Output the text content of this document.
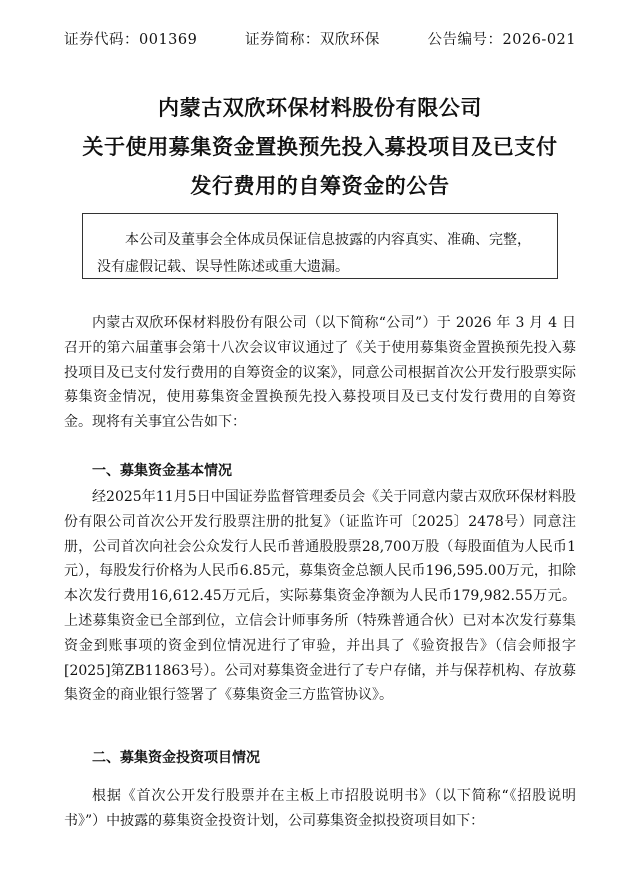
证券代码：001369	证券简称：双欣环保	公告编号：2026-021
内蒙古双欣环保材料股份有限公司
关于使用募集资金置换预先投入募投项目及已支付
发行费用的自筹资金的公告

本公司及董事会全体成员保证信息披露的内容真实、准确、完整，没有虚假记载、误导性陈述或重大遗漏。

内蒙古双欣环保材料股份有限公司（以下简称“公司”）于 2026 年 3 月 4 日召开的第六届董事会第十八次会议审议通过了《关于使用募集资金置换预先投入募投项目及已支付发行费用的自筹资金的议案》，同意公司根据首次公开发行股票实际募集资金情况，使用募集资金置换预先投入募投项目及已支付发行费用的自筹资金。现将有关事宜公告如下：

一、募集资金基本情况

经2025年11月5日中国证券监督管理委员会《关于同意内蒙古双欣环保材料股份有限公司首次公开发行股票注册的批复》（证监许可〔2025〕2478号）同意注册，公司首次向社会公众发行人民币普通股股票28,700万股（每股面值为人民币1元），每股发行价格为人民币6.85元，募集资金总额人民币196,595.00万元，扣除本次发行费用16,612.45万元后，实际募集资金净额为人民币179,982.55万元。上述募集资金已全部到位，立信会计师事务所（特殊普通合伙）已对本次发行募集资金到账事项的资金到位情况进行了审验，并出具了《验资报告》（信会师报字[2025]第ZB11863号）。公司对募集资金进行了专户存储，并与保荐机构、存放募集资金的商业银行签署了《募集资金三方监管协议》。

二、募集资金投资项目情况

根据《首次公开发行股票并在主板上市招股说明书》（以下简称“《招股说明书》”）中披露的募集资金投资计划，公司募集资金拟投资项目如下：
